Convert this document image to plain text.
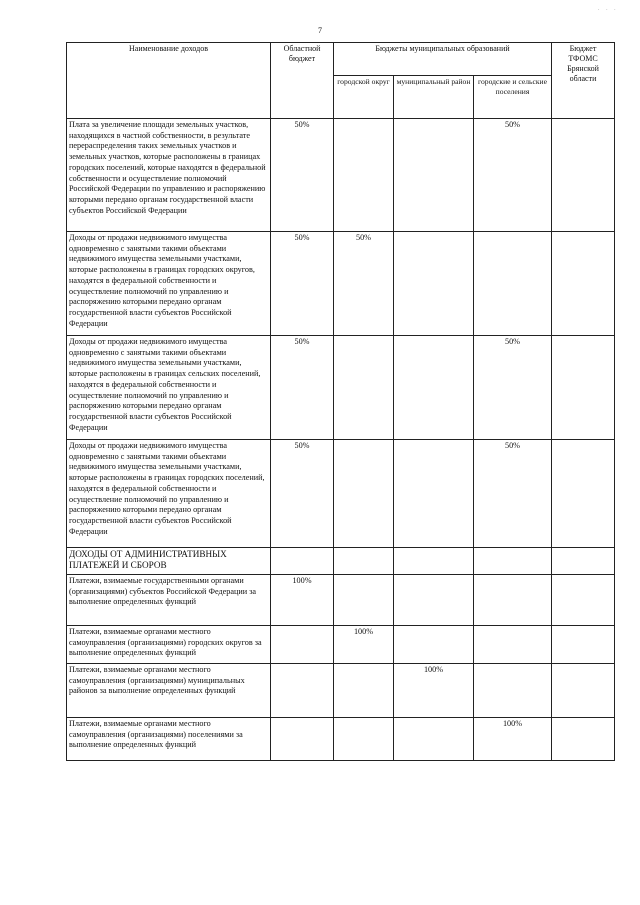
7
· · ·
Наименование доходов	Областной бюджет	Бюджеты муниципальных образований			Бюджет ТФОМС Брянской области
		городской округ	муниципальный район	городские и сельские поселения	
Плата за увеличение площади земельных участков, находящихся в частной собственности, в результате перераспределения таких земельных участков и земельных участков, которые расположены в границах городских поселений, которые находятся в федеральной собственности и осуществление полномочий Российской Федерации по управлению и распоряжению которыми передано органам государственной власти субъектов Российской Федерации	50%			50%	
Доходы от продажи недвижимого имущества одновременно с занятыми такими объектами недвижимого имущества земельными участками, которые расположены в границах городских округов, находятся в федеральной собственности и осуществление полномочий по управлению и распоряжению которыми передано органам государственной власти субъектов Российской Федерации	50%	50%			
Доходы от продажи недвижимого имущества одновременно с занятыми такими объектами недвижимого имущества земельными участками, которые расположены в границах сельских поселений, находятся в федеральной собственности и осуществление полномочий по управлению и распоряжению которыми передано органам государственной власти субъектов Российской Федерации	50%			50%	
Доходы от продажи недвижимого имущества одновременно с занятыми такими объектами недвижимого имущества земельными участками, которые расположены в границах городских поселений, находятся в федеральной собственности и осуществление полномочий по управлению и распоряжению которыми передано органам государственной власти субъектов Российской Федерации	50%			50%	
ДОХОДЫ ОТ АДМИНИСТРАТИВНЫХ ПЛАТЕЖЕЙ И СБОРОВ					
Платежи, взимаемые государственными органами (организациями) субъектов Российской Федерации за выполнение определенных функций	100%				
Платежи, взимаемые органами местного самоуправления (организациями) городских округов за выполнение определенных функций		100%			
Платежи, взимаемые органами местного самоуправления (организациями) муниципальных районов за выполнение определенных функций			100%		
Платежи, взимаемые органами местного самоуправления (организациями) поселениями за выполнение определенных функций				100%	
